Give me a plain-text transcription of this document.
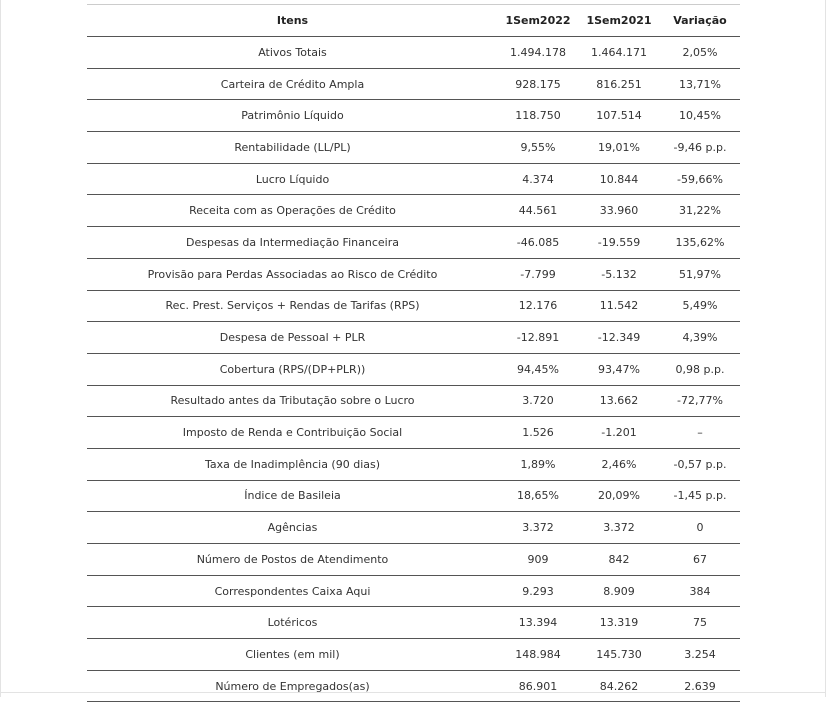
Itens	1Sem2022	1Sem2021	Variação
Ativos Totais	1.494.178	1.464.171	2,05%
Carteira de Crédito Ampla	928.175	816.251	13,71%
Patrimônio Líquido	118.750	107.514	10,45%
Rentabilidade (LL/PL)	9,55%	19,01%	-9,46 p.p.
Lucro Líquido	4.374	10.844	-59,66%
Receita com as Operações de Crédito	44.561	33.960	31,22%
Despesas da Intermediação Financeira	-46.085	-19.559	135,62%
Provisão para Perdas Associadas ao Risco de Crédito	-7.799	-5.132	51,97%
Rec. Prest. Serviços + Rendas de Tarifas (RPS)	12.176	11.542	5,49%
Despesa de Pessoal + PLR	-12.891	-12.349	4,39%
Cobertura (RPS/(DP+PLR))	94,45%	93,47%	0,98 p.p.
Resultado antes da Tributação sobre o Lucro	3.720	13.662	-72,77%
Imposto de Renda e Contribuição Social	1.526	-1.201	–
Taxa de Inadimplência (90 dias)	1,89%	2,46%	-0,57 p.p.
Índice de Basileia	18,65%	20,09%	-1,45 p.p.
Agências	3.372	3.372	0
Número de Postos de Atendimento	909	842	67
Correspondentes Caixa Aqui	9.293	8.909	384
Lotéricos	13.394	13.319	75
Clientes (em mil)	148.984	145.730	3.254
Número de Empregados(as)	86.901	84.262	2.639
